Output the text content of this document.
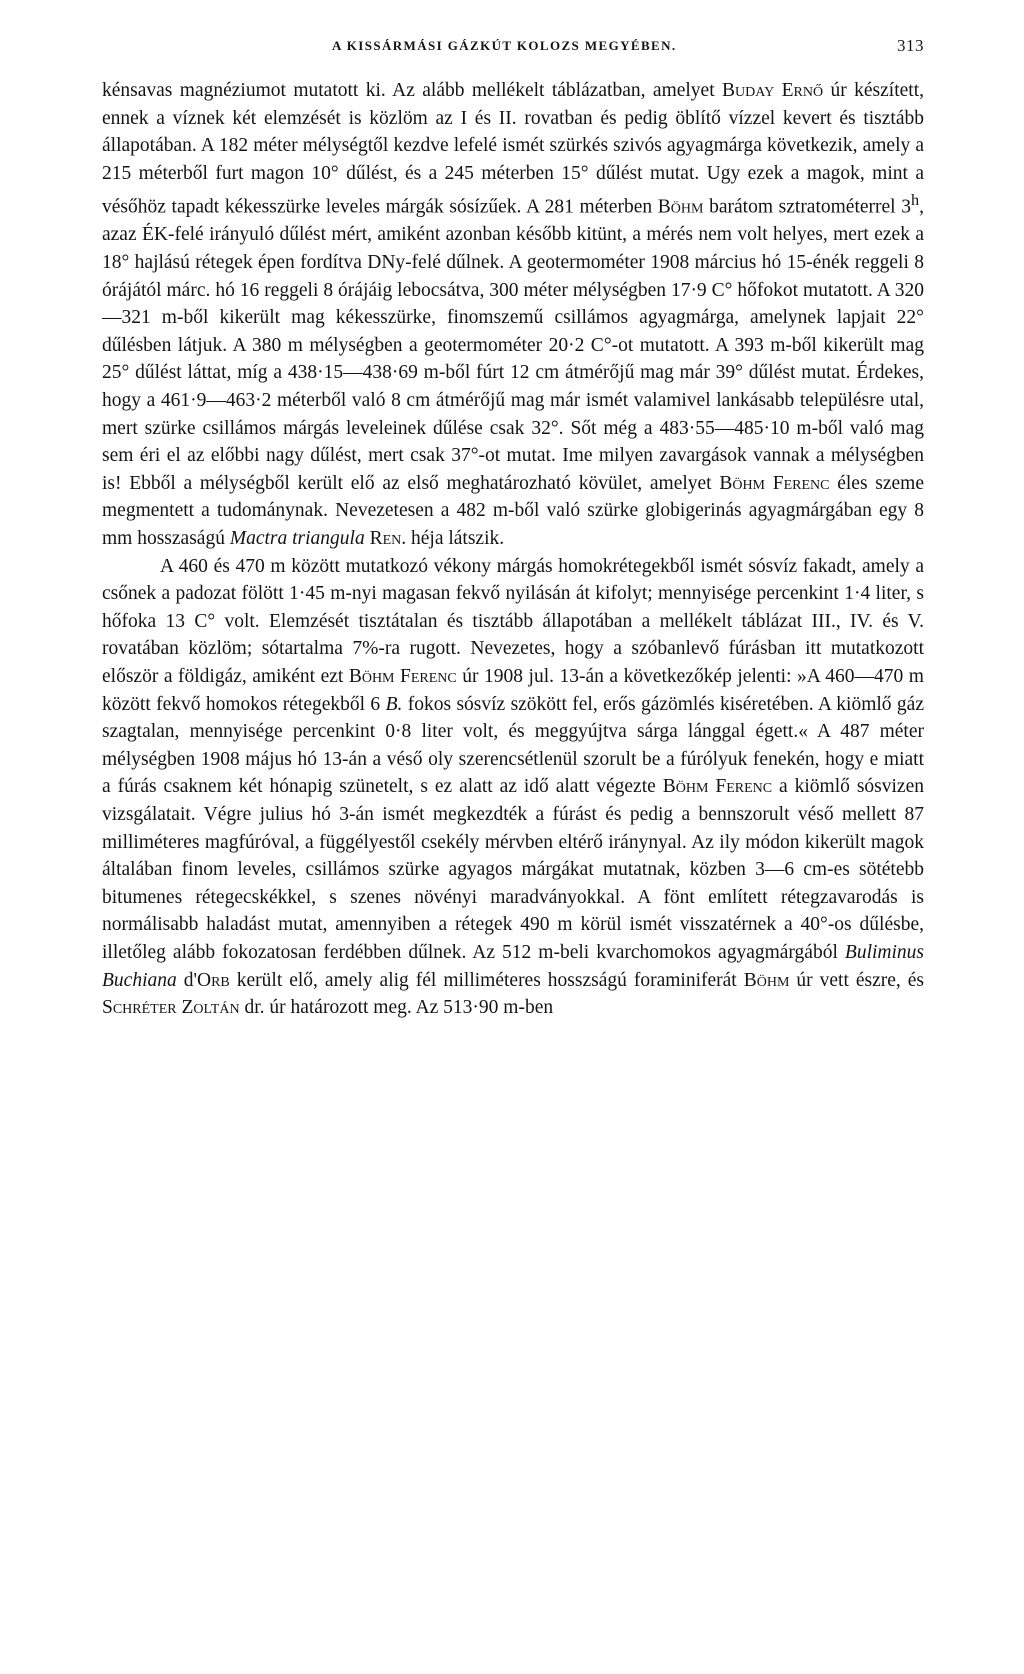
A KISSÁRMÁSI GÁZKÚT KOLOZS MEGYÉBEN.	313

kénsavas magnéziumot mutatott ki. Az alább mellékelt táblázatban, amelyet Buday Ernő úr készített, ennek a víznek két elemzését is közlöm az I és II. rovatban és pedig öblítő vízzel kevert és tisztább állapotában. A 182 méter mélységtől kezdve lefelé ismét szürkés szivós agyagmárga következik, amely a 215 méterből furt magon 10° dűlést, és a 245 méterben 15° dűlést mutat. Ugy ezek a magok, mint a vésőhöz tapadt kékesszürke leveles márgák sósízűek. A 281 méterben Böhm barátom sztratométerrel 3$^h$, azaz ÉK-felé irányuló dűlést mért, amiként azonban később kitünt, a mérés nem volt helyes, mert ezek a 18° hajlású rétegek épen fordítva DNy-felé dűlnek. A geotermométer 1908 március hó 15-énék reggeli 8 órájától márc. hó 16 reggeli 8 órájáig lebocsátva, 300 méter mélységben 17·9 C° hőfokot mutatott. A 320—321 m-ből kikerült mag kékesszürke, finomszemű csillámos agyagmárga, amelynek lapjait 22° dűlésben látjuk. A 380 m mélységben a geotermométer 20·2 C°-ot mutatott. A 393 m-ből kikerült mag 25° dűlést láttat, míg a 438·15—438·69 m-ből fúrt 12 cm átmérőjű mag már 39° dűlést mutat. Érdekes, hogy a 461·9—463·2 méterből való 8 cm átmérőjű mag már ismét valamivel lankásabb településre utal, mert szürke csillámos márgás leveleinek dűlése csak 32°. Sőt még a 483·55—485·10 m-ből való mag sem éri el az előbbi nagy dűlést, mert csak 37°-ot mutat. Ime milyen zavargások vannak a mélységben is! Ebből a mélységből került elő az első meghatározható kövület, amelyet Böhm Ferenc éles szeme megmentett a tudománynak. Nevezetesen a 482 m-ből való szürke globigerinás agyagmárgában egy 8 mm hosszaságú Mactra triangula Ren. héja látszik.

A 460 és 470 m között mutatkozó vékony márgás homokrétegekből ismét sósvíz fakadt, amely a csőnek a padozat fölött 1·45 m-nyi magasan fekvő nyilásán át kifolyt; mennyisége percenkint 1·4 liter, s hőfoka 13 C° volt. Elemzését tisztátalan és tisztább állapotában a mellékelt táblázat III., IV. és V. rovatában közlöm; sótartalma 7%-ra rugott. Nevezetes, hogy a szóbanlevő fúrásban itt mutatkozott először a földigáz, amiként ezt Böhm Ferenc úr 1908 jul. 13-án a következőkép jelenti: »A 460—470 m között fekvő homokos rétegekből 6 B. fokos sósvíz szökött fel, erős gázömlés kiséretében. A kiömlő gáz szagtalan, mennyisége percenkint 0·8 liter volt, és meggyújtva sárga lánggal égett.« A 487 méter mélységben 1908 május hó 13-án a véső oly szerencsétlenül szorult be a fúrólyuk fenekén, hogy e miatt a fúrás csaknem két hónapig szünetelt, s ez alatt az idő alatt végezte Böhm Ferenc a kiömlő sósvizen vizsgálatait. Végre julius hó 3-án ismét megkezdték a fúrást és pedig a bennszorult véső mellett 87 milliméteres magfúróval, a függélyestől csekély mérvben eltérő iránynyal. Az ily módon kikerült magok általában finom leveles, csillámos szürke agyagos márgákat mutatnak, közben 3—6 cm-es sötétebb bitumenes rétegecskékkel, s szenes növényi maradványokkal. A fönt említett rétegzavarodás is normálisabb haladást mutat, amennyiben a rétegek 490 m körül ismét visszatérnek a 40°-os dűlésbe, illetőleg alább fokozatosan ferdébben dűlnek. Az 512 m-beli kvarchomokos agyagmárgából Buliminus Buchiana d'Orb került elő, amely alig fél milliméteres hosszságú foraminiferát Böhm úr vett észre, és Schréter Zoltán dr. úr határozott meg. Az 513·90 m-ben
